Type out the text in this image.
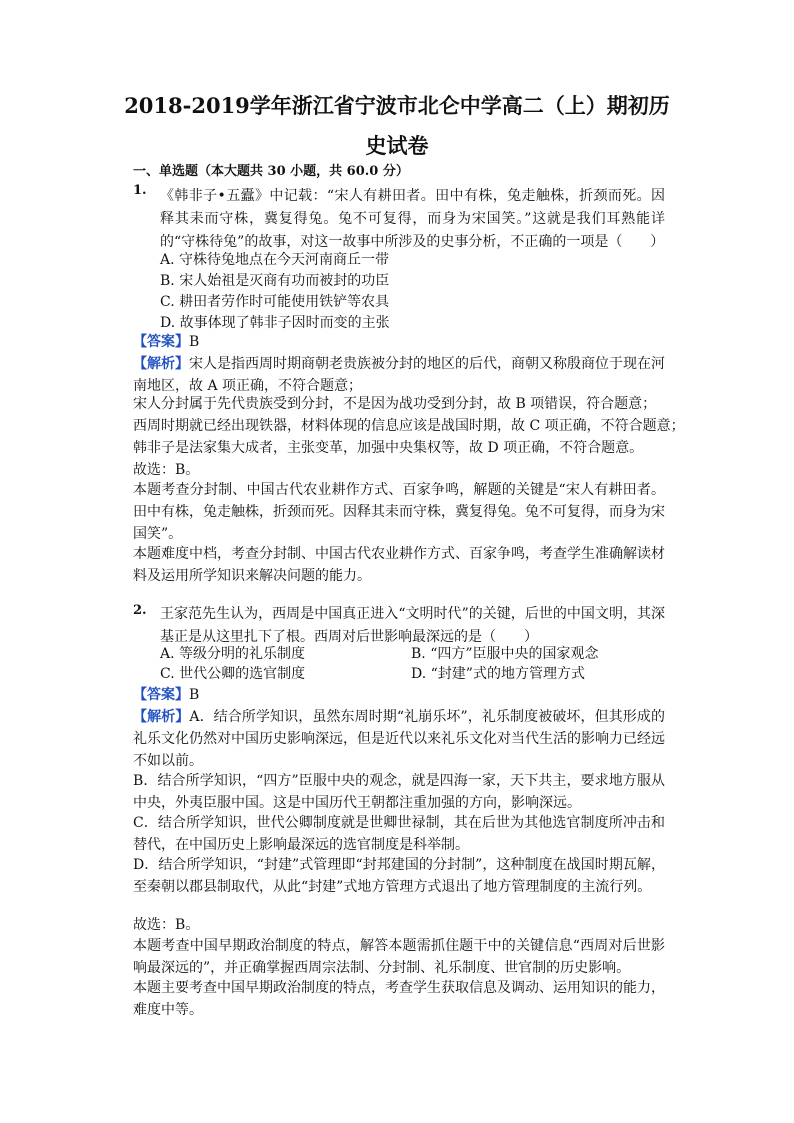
2018-2019学年浙江省宁波市北仑中学高二（上）期初历
史试卷
一、单选题（本大题共 30 小题，共 60.0 分）
1. 《韩非子•五蠹》中记载：“宋人有耕田者。田中有株，兔走触株，折颈而死。因释其耒而守株，冀复得兔。兔不可复得，而身为宋国笑。”这就是我们耳熟能详的“守株待兔”的故事，对这一故事中所涉及的史事分析，不正确的一项是（　　）
A. 守株待兔地点在今天河南商丘一带
B. 宋人始祖是灭商有功而被封的功臣
C. 耕田者劳作时可能使用铁铲等农具
D. 故事体现了韩非子因时而变的主张
【答案】B
【解析】宋人是指西周时期商朝老贵族被分封的地区的后代，商朝又称殷商位于现在河南地区，故 A 项正确，不符合题意；
宋人分封属于先代贵族受到分封，不是因为战功受到分封，故 B 项错误，符合题意；
西周时期就已经出现铁器，材料体现的信息应该是战国时期，故 C 项正确，不符合题意；
韩非子是法家集大成者，主张变革，加强中央集权等，故 D 项正确，不符合题意。
故选：B。
本题考查分封制、中国古代农业耕作方式、百家争鸣，解题的关键是“宋人有耕田者。田中有株，兔走触株，折颈而死。因释其耒而守株，冀复得兔。兔不可复得，而身为宋国笑”。
本题难度中档，考查分封制、中国古代农业耕作方式、百家争鸣，考查学生准确解读材料及运用所学知识来解决问题的能力。
2. 王家范先生认为，西周是中国真正进入“文明时代”的关键，后世的中国文明，其深基正是从这里扎下了根。西周对后世影响最深远的是（　　）
A. 等级分明的礼乐制度	B. “四方”臣服中央的国家观念
C. 世代公卿的选官制度	D. “封建”式的地方管理方式
【答案】B
【解析】A．结合所学知识，虽然东周时期“礼崩乐坏”，礼乐制度被破坏，但其形成的礼乐文化仍然对中国历史影响深远，但是近代以来礼乐文化对当代生活的影响力已经远不如以前。
B．结合所学知识，“四方”臣服中央的观念，就是四海一家，天下共主，要求地方服从中央，外夷臣服中国。这是中国历代王朝都注重加强的方向，影响深远。
C．结合所学知识，世代公卿制度就是世卿世禄制，其在后世为其他选官制度所冲击和替代，在中国历史上影响最深远的选官制度是科举制。
D．结合所学知识，“封建”式管理即“封邦建国的分封制”，这种制度在战国时期瓦解，至秦朝以郡县制取代，从此“封建”式地方管理方式退出了地方管理制度的主流行列。
故选：B。
本题考查中国早期政治制度的特点，解答本题需抓住题干中的关键信息“西周对后世影响最深远的”，并正确掌握西周宗法制、分封制、礼乐制度、世官制的历史影响。
本题主要考查中国早期政治制度的特点，考查学生获取信息及调动、运用知识的能力，难度中等。
